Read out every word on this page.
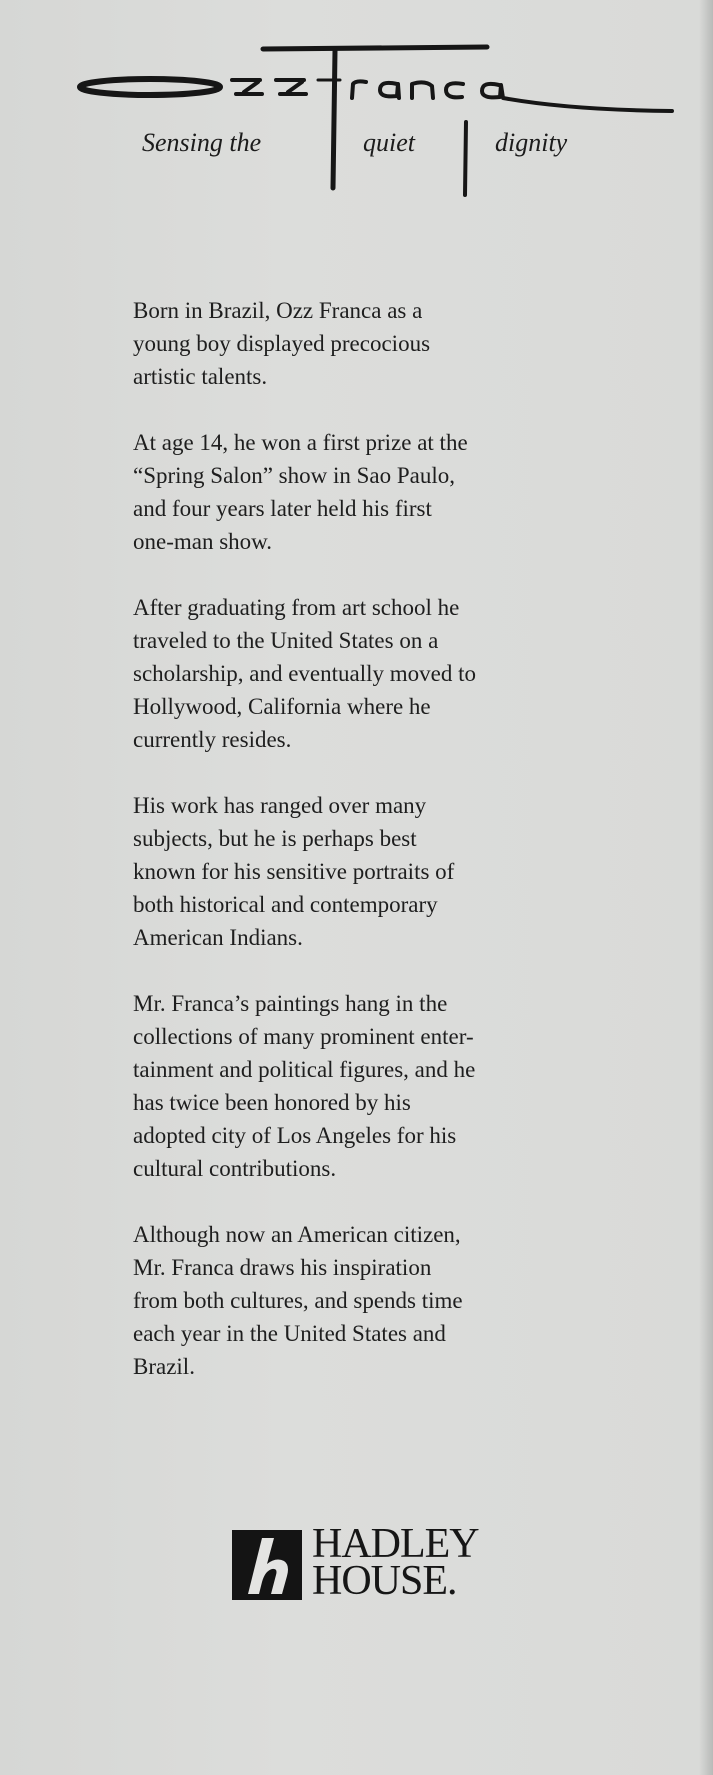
Sensing the	quiet	dignity

Born in Brazil, Ozz Franca as a
young boy displayed precocious
artistic talents.

At age 14, he won a first prize at the
“Spring Salon” show in Sao Paulo,
and four years later held his first
one-man show.

After graduating from art school he
traveled to the United States on a
scholarship, and eventually moved to
Hollywood, California where he
currently resides.

His work has ranged over many
subjects, but he is perhaps best
known for his sensitive portraits of
both historical and contemporary
American Indians.

Mr. Franca’s paintings hang in the
collections of many prominent enter-
tainment and political figures, and he
has twice been honored by his
adopted city of Los Angeles for his
cultural contributions.

Although now an American citizen,
Mr. Franca draws his inspiration
from both cultures, and spends time
each year in the United States and
Brazil.

HADLEY
HOUSE.
